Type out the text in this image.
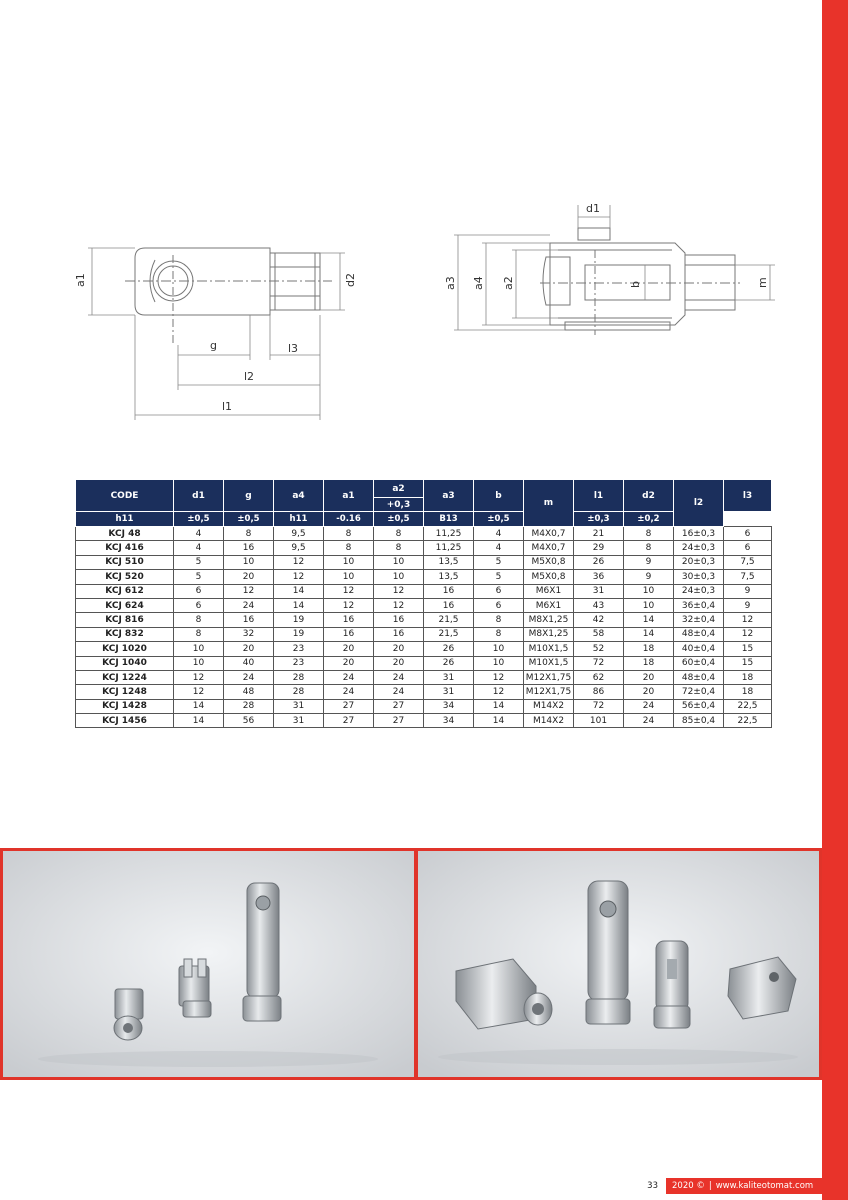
a1	d2
g	l3
l2
l1
d1
a3 a4 a2	b	m
CODE	d1	g	a4	a1	a2	a3	b	m	l1	d2	l2	l3
					+0,3							
h11	±0,5	±0,5	h11	-0.16	±0,5	B13	±0,5		±0,3	±0,2		
KCJ 48	4	8	9,5	8	8	11,25	4	M4X0,7	21	8	16±0,3	6
KCJ 416	4	16	9,5	8	8	11,25	4	M4X0,7	29	8	24±0,3	6
KCJ 510	5	10	12	10	10	13,5	5	M5X0,8	26	9	20±0,3	7,5
KCJ 520	5	20	12	10	10	13,5	5	M5X0,8	36	9	30±0,3	7,5
KCJ 612	6	12	14	12	12	16	6	M6X1	31	10	24±0,3	9
KCJ 624	6	24	14	12	12	16	6	M6X1	43	10	36±0,4	9
KCJ 816	8	16	19	16	16	21,5	8	M8X1,25	42	14	32±0,4	12
KCJ 832	8	32	19	16	16	21,5	8	M8X1,25	58	14	48±0,4	12
KCJ 1020	10	20	23	20	20	26	10	M10X1,5	52	18	40±0,4	15
KCJ 1040	10	40	23	20	20	26	10	M10X1,5	72	18	60±0,4	15
KCJ 1224	12	24	28	24	24	31	12	M12X1,75	62	20	48±0,4	18
KCJ 1248	12	48	28	24	24	31	12	M12X1,75	86	20	72±0,4	18
KCJ 1428	14	28	31	27	27	34	14	M14X2	72	24	56±0,4	22,5
KCJ 1456	14	56	31	27	27	34	14	M14X2	101	24	85±0,4	22,5
33	2020 © | www.kaliteotomat.com
